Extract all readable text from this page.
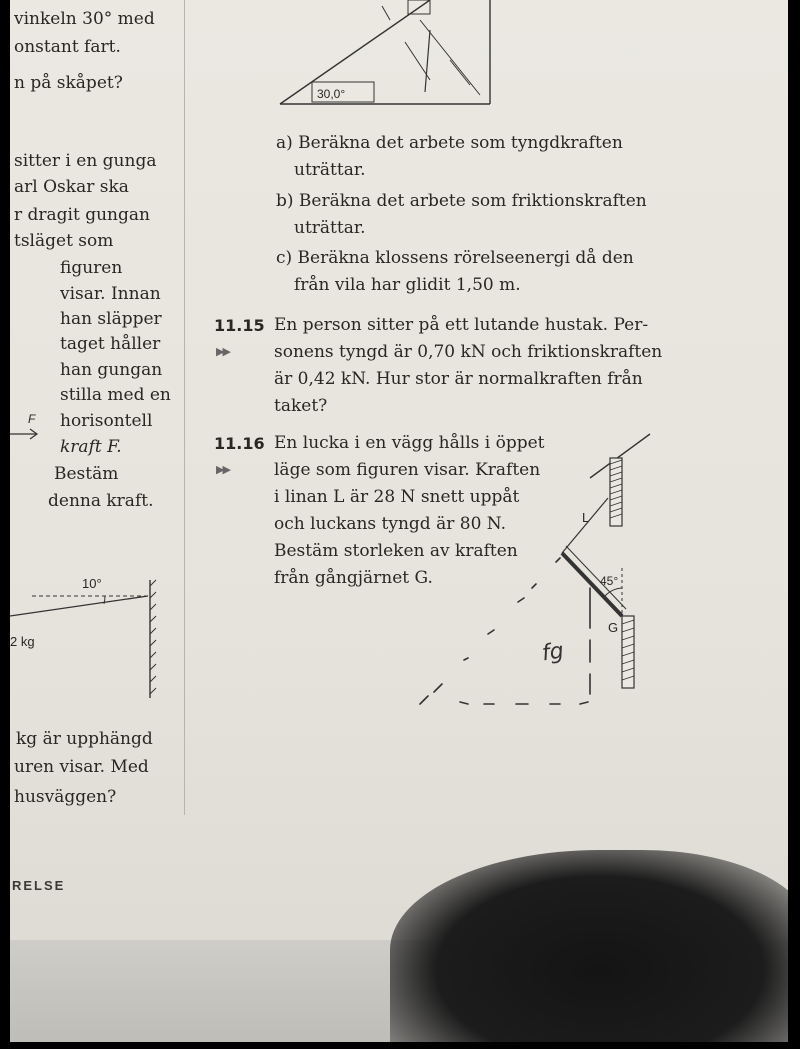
vinkeln 30° med
onstant fart.
n på skåpet?
sitter i en gunga
arl Oskar ska
r dragit gungan
tsläget som
figuren
visar. Innan
han släpper
taget håller
han gungan
stilla med en
horisontell
kraft F.
Bestäm
denna kraft.
F
10°
2 kg
kg är upphängd
uren visar. Med
husväggen?
RELSE
30,0°
a) Beräkna det arbete som tyngdkraften
uträttar.
b) Beräkna det arbete som friktionskraften
uträttar.
c) Beräkna klossens rörelseenergi då den
från vila har glidit 1,50 m.
11.15
▶▶
En person sitter på ett lutande hustak. Per-
sonens tyngd är 0,70 kN och friktionskraften
är 0,42 kN. Hur stor är normalkraften från
taket?
11.16
▶▶
En lucka i en vägg hålls i öppet
läge som figuren visar. Kraften
i linan L är 28 N snett uppåt
och luckans tyngd är 80 N.
Bestäm storleken av kraften
från gångjärnet G.
L
45°
G
fg
